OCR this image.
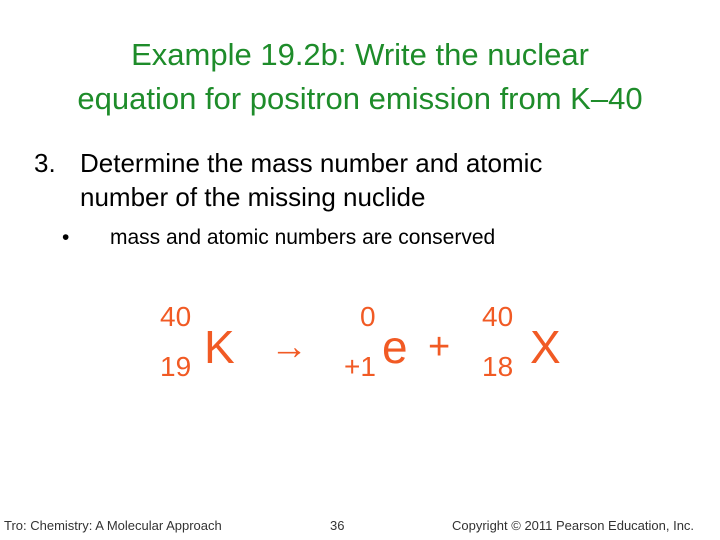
Example 19.2b: Write the nuclear
equation for positron emission from K–40
3. Determine the mass number and atomic
number of the missing nuclide
• mass and atomic numbers are conserved
40
19 K →
0
+1 e +
40
18 X
Tro: Chemistry: A Molecular Approach	36	Copyright © 2011 Pearson Education, Inc.
